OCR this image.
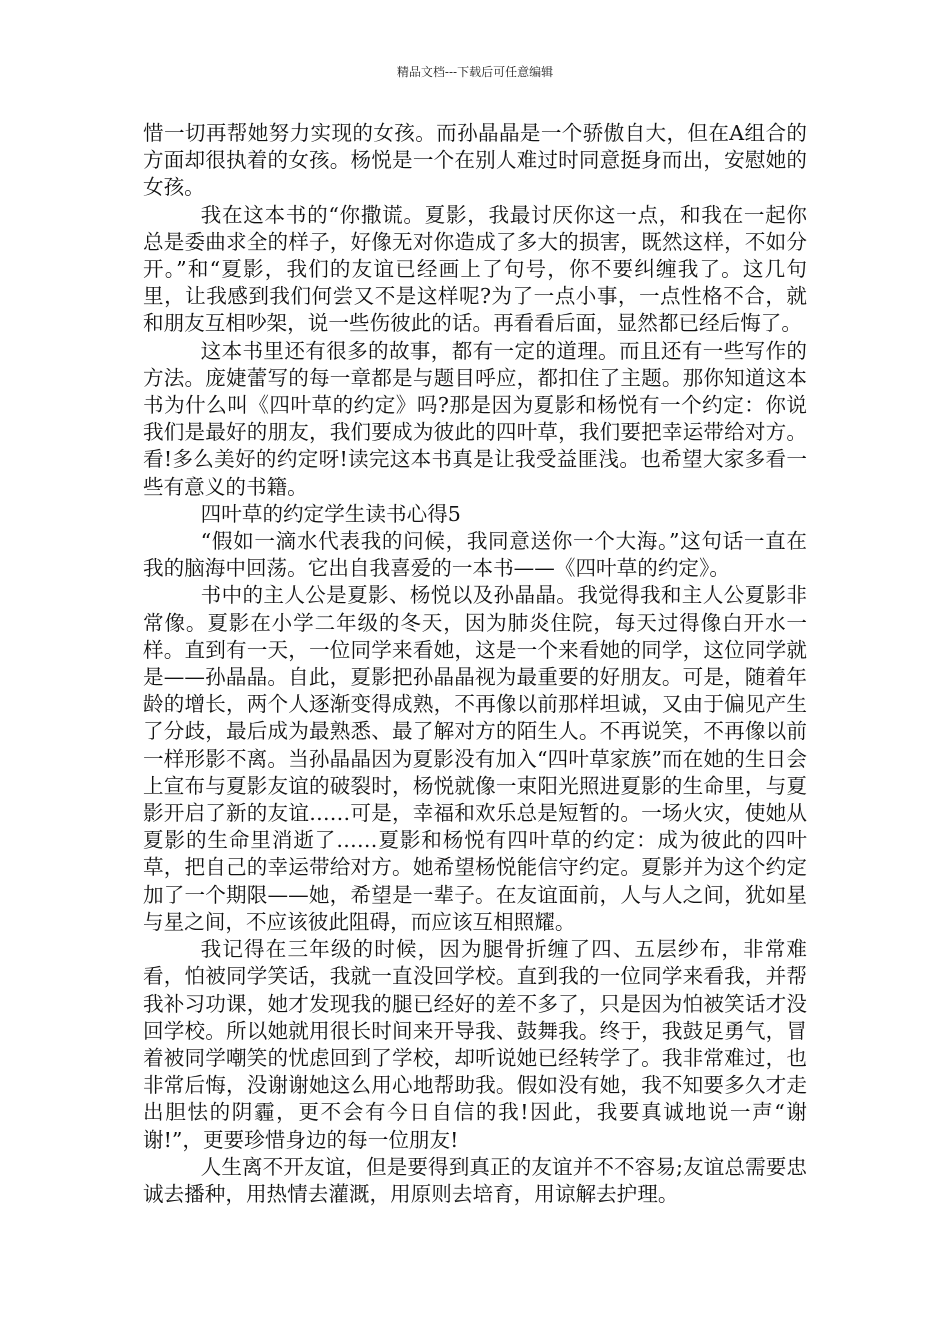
精品文档---下载后可任意编辑

惜一切再帮她努力实现的女孩。而孙晶晶是一个骄傲自大，但在A组合的方面却很执着的女孩。杨悦是一个在别人难过时同意挺身而出，安慰她的女孩。

我在这本书的“你撒谎。夏影，我最讨厌你这一点，和我在一起你总是委曲求全的样子，好像无对你造成了多大的损害，既然这样，不如分开。”和“夏影，我们的友谊已经画上了句号，你不要纠缠我了。这几句里，让我感到我们何尝又不是这样呢?为了一点小事，一点性格不合，就和朋友互相吵架，说一些伤彼此的话。再看看后面，显然都已经后悔了。

这本书里还有很多的故事，都有一定的道理。而且还有一些写作的方法。庞婕蕾写的每一章都是与题目呼应，都扣住了主题。那你知道这本书为什么叫《四叶草的约定》吗?那是因为夏影和杨悦有一个约定：你说我们是最好的朋友，我们要成为彼此的四叶草，我们要把幸运带给对方。看!多么美好的约定呀!读完这本书真是让我受益匪浅。也希望大家多看一些有意义的书籍。

四叶草的约定学生读书心得5

“假如一滴水代表我的问候，我同意送你一个大海。”这句话一直在我的脑海中回荡。它出自我喜爱的一本书——《四叶草的约定》。

书中的主人公是夏影、杨悦以及孙晶晶。我觉得我和主人公夏影非常像。夏影在小学二年级的冬天，因为肺炎住院，每天过得像白开水一样。直到有一天，一位同学来看她，这是一个来看她的同学，这位同学就是——孙晶晶。自此，夏影把孙晶晶视为最重要的好朋友。可是，随着年龄的增长，两个人逐渐变得成熟，不再像以前那样坦诚，又由于偏见产生了分歧，最后成为最熟悉、最了解对方的陌生人。不再说笑，不再像以前一样形影不离。当孙晶晶因为夏影没有加入“四叶草家族”而在她的生日会上宣布与夏影友谊的破裂时，杨悦就像一束阳光照进夏影的生命里，与夏影开启了新的友谊……可是，幸福和欢乐总是短暂的。一场火灾，使她从夏影的生命里消逝了……夏影和杨悦有四叶草的约定：成为彼此的四叶草，把自己的幸运带给对方。她希望杨悦能信守约定。夏影并为这个约定加了一个期限——她，希望是一辈子。在友谊面前，人与人之间，犹如星与星之间，不应该彼此阻碍，而应该互相照耀。

我记得在三年级的时候，因为腿骨折缠了四、五层纱布，非常难看，怕被同学笑话，我就一直没回学校。直到我的一位同学来看我，并帮我补习功课，她才发现我的腿已经好的差不多了，只是因为怕被笑话才没回学校。所以她就用很长时间来开导我、鼓舞我。终于，我鼓足勇气，冒着被同学嘲笑的忧虑回到了学校，却听说她已经转学了。我非常难过，也非常后悔，没谢谢她这么用心地帮助我。假如没有她，我不知要多久才走出胆怯的阴霾，更不会有今日自信的我!因此，我要真诚地说一声“谢谢!”，更要珍惜身边的每一位朋友!

人生离不开友谊，但是要得到真正的友谊并不不容易;友谊总需要忠诚去播种，用热情去灌溉，用原则去培育，用谅解去护理。
